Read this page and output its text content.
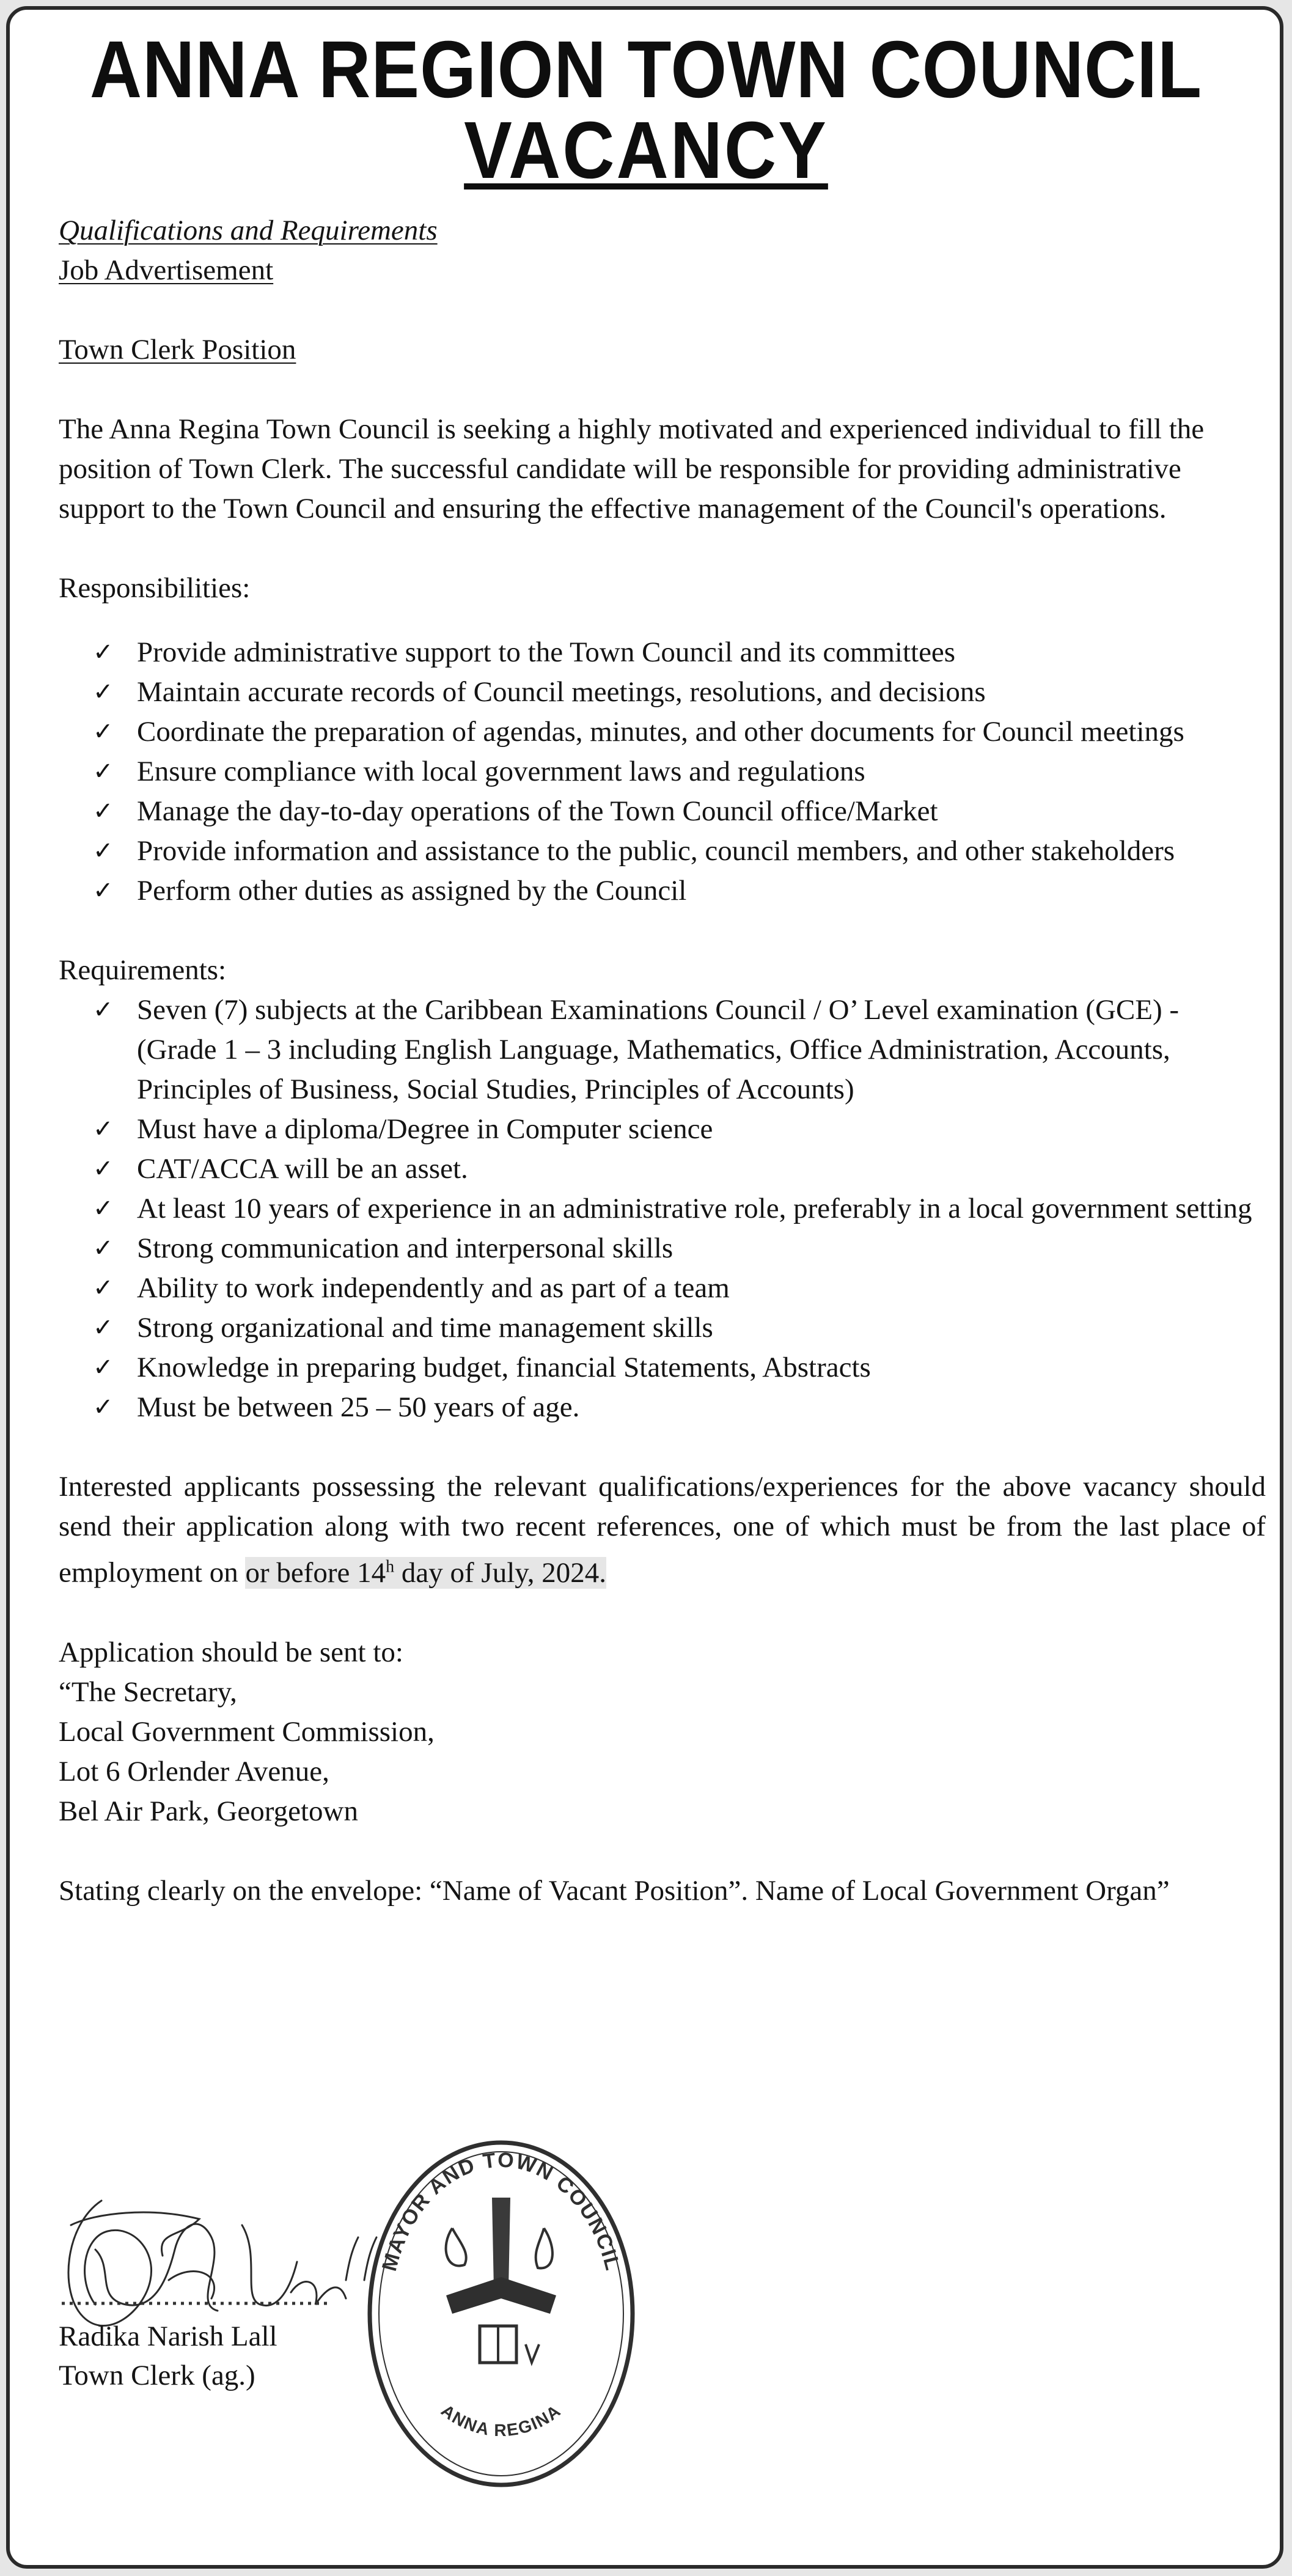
ANNA REGION TOWN COUNCIL
VACANCY

Qualifications and Requirements

Job Advertisement

Town Clerk Position

The Anna Regina Town Council is seeking a highly motivated and experienced individual to fill the position of Town Clerk. The successful candidate will be responsible for providing administrative support to the Town Council and ensuring the effective management of the Council's operations.

Responsibilities:

✓ Provide administrative support to the Town Council and its committees
✓ Maintain accurate records of Council meetings, resolutions, and decisions
✓ Coordinate the preparation of agendas, minutes, and other documents for Council meetings
✓ Ensure compliance with local government laws and regulations
✓ Manage the day-to-day operations of the Town Council office/Market
✓ Provide information and assistance to the public, council members, and other stakeholders
✓ Perform other duties as assigned by the Council

Requirements:

✓ Seven (7) subjects at the Caribbean Examinations Council / O’ Level examination (GCE) -
(Grade 1 – 3 including English Language, Mathematics, Office Administration, Accounts, Principles of Business, Social Studies, Principles of Accounts)
✓ Must have a diploma/Degree in Computer science
✓ CAT/ACCA will be an asset.
✓ At least 10 years of experience in an administrative role, preferably in a local government setting
✓ Strong communication and interpersonal skills
✓ Ability to work independently and as part of a team
✓ Strong organizational and time management skills
✓ Knowledge in preparing budget, financial Statements, Abstracts
✓ Must be between 25 – 50 years of age.

Interested applicants possessing the relevant qualifications/experiences for the above vacancy should send their application along with two recent references, one of which must be from the last place of employment on or before 14$^h$ day of July, 2024.

Application should be sent to:

“The Secretary,

Local Government Commission,

Lot 6 Orlender Avenue,

Bel Air Park, Georgetown

Stating clearly on the envelope: “Name of Vacant Position”. Name of Local Government Organ”

Radika Narish Lall

Town Clerk (ag.)

MAYOR AND TOWN COUNCIL
ANNA REGINA
